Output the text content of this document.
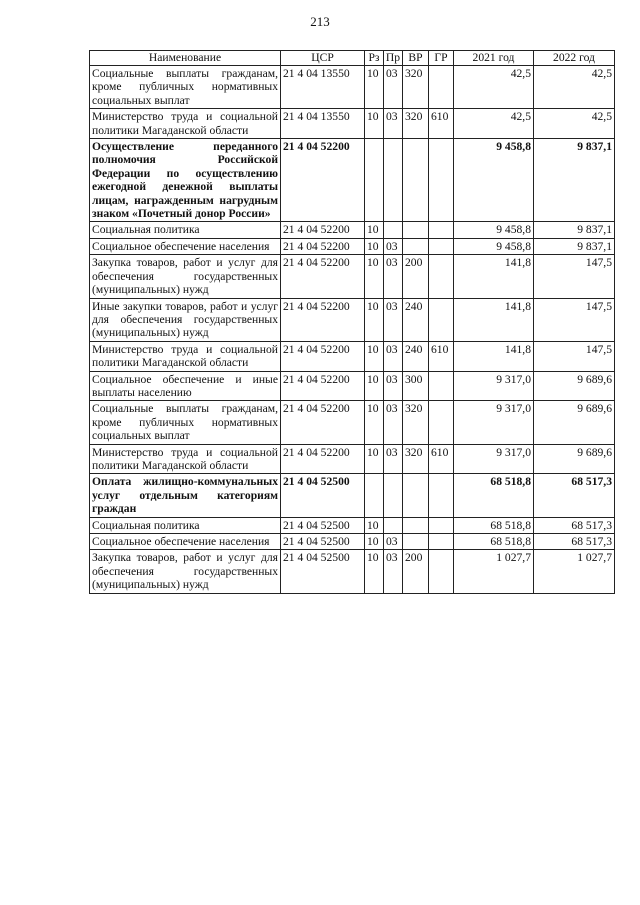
213
Наименование	ЦСР	Рз	Пр	ВР	ГР	2021 год	2022 год
Социальные выплаты гражданам, кроме публичных нормативных социальных выплат	21 4 04 13550	10	03	320		42,5	42,5
Министерство труда и социальной политики Магаданской области	21 4 04 13550	10	03	320	610	42,5	42,5
Осуществление переданного полномочия Российской Федерации по осуществлению ежегодной денежной выплаты лицам, награжденным нагрудным знаком «Почетный донор России»	21 4 04 52200					9 458,8	9 837,1
Социальная политика	21 4 04 52200	10				9 458,8	9 837,1
Социальное обеспечение населения	21 4 04 52200	10	03			9 458,8	9 837,1
Закупка товаров, работ и услуг для обеспечения государственных (муниципальных) нужд	21 4 04 52200	10	03	200		141,8	147,5
Иные закупки товаров, работ и услуг для обеспечения государственных (муниципальных) нужд	21 4 04 52200	10	03	240		141,8	147,5
Министерство труда и социальной политики Магаданской области	21 4 04 52200	10	03	240	610	141,8	147,5
Социальное обеспечение и иные выплаты населению	21 4 04 52200	10	03	300		9 317,0	9 689,6
Социальные выплаты гражданам, кроме публичных нормативных социальных выплат	21 4 04 52200	10	03	320		9 317,0	9 689,6
Министерство труда и социальной политики Магаданской области	21 4 04 52200	10	03	320	610	9 317,0	9 689,6
Оплата жилищно-коммунальных услуг отдельным категориям граждан	21 4 04 52500					68 518,8	68 517,3
Социальная политика	21 4 04 52500	10				68 518,8	68 517,3
Социальное обеспечение населения	21 4 04 52500	10	03			68 518,8	68 517,3
Закупка товаров, работ и услуг для обеспечения государственных (муниципальных) нужд	21 4 04 52500	10	03	200		1 027,7	1 027,7
